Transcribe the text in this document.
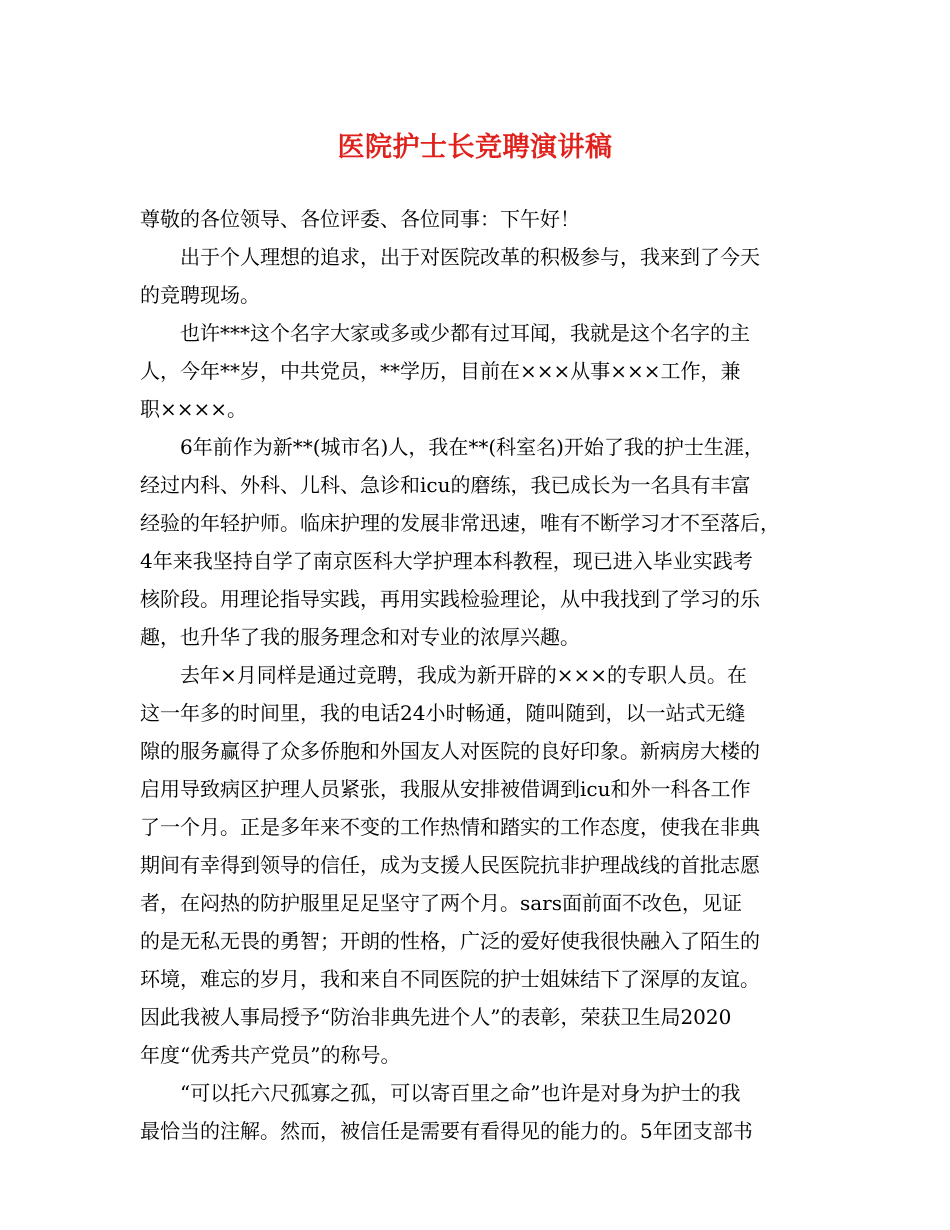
医院护士长竞聘演讲稿

尊敬的各位领导、各位评委、各位同事：下午好！

　　出于个人理想的追求，出于对医院改革的积极参与，我来到了今天

的竞聘现场。

　　也许***这个名字大家或多或少都有过耳闻，我就是这个名字的主

人，今年**岁，中共党员，**学历，目前在×××从事×××工作，兼

职××××。

　　6年前作为新**(城市名)人，我在**(科室名)开始了我的护士生涯，

经过内科、外科、儿科、急诊和icu的磨练，我已成长为一名具有丰富

经验的年轻护师。临床护理的发展非常迅速，唯有不断学习才不至落后，

4年来我坚持自学了南京医科大学护理本科教程，现已进入毕业实践考

核阶段。用理论指导实践，再用实践检验理论，从中我找到了学习的乐

趣，也升华了我的服务理念和对专业的浓厚兴趣。

　　去年×月同样是通过竞聘，我成为新开辟的×××的专职人员。在

这一年多的时间里，我的电话24小时畅通，随叫随到，以一站式无缝

隙的服务赢得了众多侨胞和外国友人对医院的良好印象。新病房大楼的

启用导致病区护理人员紧张，我服从安排被借调到icu和外一科各工作

了一个月。正是多年来不变的工作热情和踏实的工作态度，使我在非典

期间有幸得到领导的信任，成为支援人民医院抗非护理战线的首批志愿

者，在闷热的防护服里足足坚守了两个月。sars面前面不改色，见证

的是无私无畏的勇智；开朗的性格，广泛的爱好使我很快融入了陌生的

环境，难忘的岁月，我和来自不同医院的护士姐妹结下了深厚的友谊。

因此我被人事局授予“防治非典先进个人”的表彰，荣获卫生局2020

年度“优秀共产党员”的称号。

　　“可以托六尺孤寡之孤，可以寄百里之命”也许是对身为护士的我

最恰当的注解。然而，被信任是需要有看得见的能力的。5年团支部书
